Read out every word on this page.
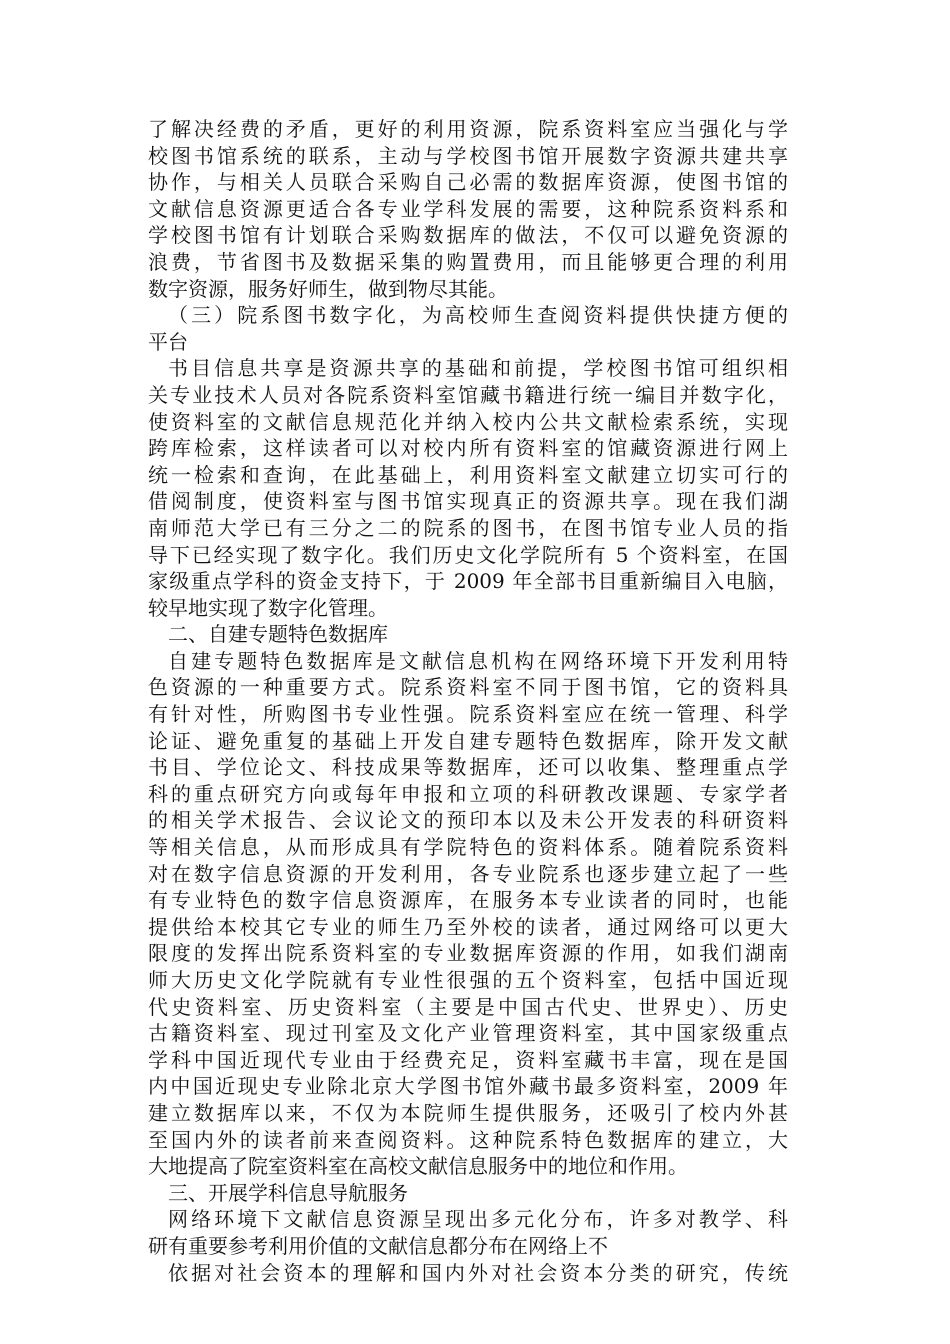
了解决经费的矛盾，更好的利用资源，院系资料室应当强化与学
校图书馆系统的联系，主动与学校图书馆开展数字资源共建共享
协作，与相关人员联合采购自己必需的数据库资源，使图书馆的
文献信息资源更适合各专业学科发展的需要，这种院系资料系和
学校图书馆有计划联合采购数据库的做法，不仅可以避免资源的
浪费，节省图书及数据采集的购置费用，而且能够更合理的利用
数字资源，服务好师生，做到物尽其能。
（三）院系图书数字化，为高校师生查阅资料提供快捷方便的
平台
书目信息共享是资源共享的基础和前提，学校图书馆可组织相
关专业技术人员对各院系资料室馆藏书籍进行统一编目并数字化，
使资料室的文献信息规范化并纳入校内公共文献检索系统，实现
跨库检索，这样读者可以对校内所有资料室的馆藏资源进行网上
统一检索和查询，在此基础上，利用资料室文献建立切实可行的
借阅制度，使资料室与图书馆实现真正的资源共享。现在我们湖
南师范大学已有三分之二的院系的图书，在图书馆专业人员的指
导下已经实现了数字化。我们历史文化学院所有 5 个资料室，在国
家级重点学科的资金支持下，于 2009 年全部书目重新编目入电脑，
较早地实现了数字化管理。
二、自建专题特色数据库
自建专题特色数据库是文献信息机构在网络环境下开发利用特
色资源的一种重要方式。院系资料室不同于图书馆，它的资料具
有针对性，所购图书专业性强。院系资料室应在统一管理、科学
论证、避免重复的基础上开发自建专题特色数据库，除开发文献
书目、学位论文、科技成果等数据库，还可以收集、整理重点学
科的重点研究方向或每年申报和立项的科研教改课题、专家学者
的相关学术报告、会议论文的预印本以及未公开发表的科研资料
等相关信息，从而形成具有学院特色的资料体系。随着院系资料
对在数字信息资源的开发利用，各专业院系也逐步建立起了一些
有专业特色的数字信息资源库，在服务本专业读者的同时，也能
提供给本校其它专业的师生乃至外校的读者，通过网络可以更大
限度的发挥出院系资料室的专业数据库资源的作用，如我们湖南
师大历史文化学院就有专业性很强的五个资料室，包括中国近现
代史资料室、历史资料室（主要是中国古代史、世界史）、历史
古籍资料室、现过刊室及文化产业管理资料室，其中国家级重点
学科中国近现代专业由于经费充足，资料室藏书丰富，现在是国
内中国近现史专业除北京大学图书馆外藏书最多资料室，2009 年
建立数据库以来，不仅为本院师生提供服务，还吸引了校内外甚
至国内外的读者前来查阅资料。这种院系特色数据库的建立，大
大地提高了院室资料室在高校文献信息服务中的地位和作用。
三、开展学科信息导航服务
网络环境下文献信息资源呈现出多元化分布，许多对教学、科
研有重要参考利用价值的文献信息都分布在网络上不
依据对社会资本的理解和国内外对社会资本分类的研究，传统
